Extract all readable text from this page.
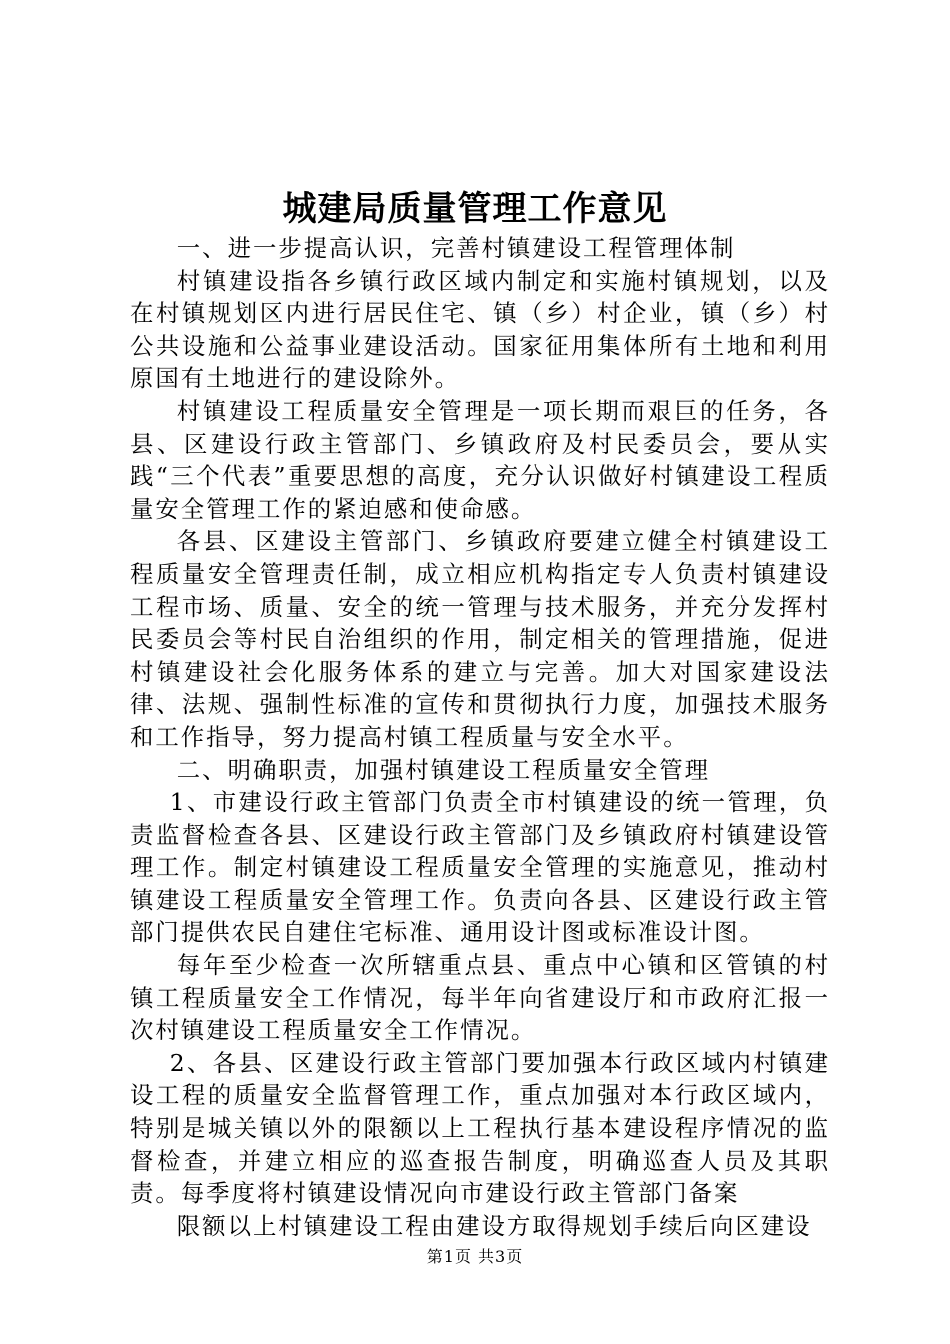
城建局质量管理工作意见

一、进一步提高认识，完善村镇建设工程管理体制

村镇建设指各乡镇行政区域内制定和实施村镇规划，以及在村镇规划区内进行居民住宅、镇（乡）村企业，镇（乡）村公共设施和公益事业建设活动。国家征用集体所有土地和利用原国有土地进行的建设除外。

村镇建设工程质量安全管理是一项长期而艰巨的任务，各县、区建设行政主管部门、乡镇政府及村民委员会，要从实践“三个代表”重要思想的高度，充分认识做好村镇建设工程质量安全管理工作的紧迫感和使命感。

各县、区建设主管部门、乡镇政府要建立健全村镇建设工程质量安全管理责任制，成立相应机构指定专人负责村镇建设工程市场、质量、安全的统一管理与技术服务，并充分发挥村民委员会等村民自治组织的作用，制定相关的管理措施，促进村镇建设社会化服务体系的建立与完善。加大对国家建设法律、法规、强制性标准的宣传和贯彻执行力度，加强技术服务和工作指导，努力提高村镇工程质量与安全水平。

二、明确职责，加强村镇建设工程质量安全管理

1、市建设行政主管部门负责全市村镇建设的统一管理，负责监督检查各县、区建设行政主管部门及乡镇政府村镇建设管理工作。制定村镇建设工程质量安全管理的实施意见，推动村镇建设工程质量安全管理工作。负责向各县、区建设行政主管部门提供农民自建住宅标准、通用设计图或标准设计图。

每年至少检查一次所辖重点县、重点中心镇和区管镇的村镇工程质量安全工作情况，每半年向省建设厅和市政府汇报一次村镇建设工程质量安全工作情况。

2、各县、区建设行政主管部门要加强本行政区域内村镇建设工程的质量安全监督管理工作，重点加强对本行政区域内，特别是城关镇以外的限额以上工程执行基本建设程序情况的监督检查，并建立相应的巡查报告制度，明确巡查人员及其职责。每季度将村镇建设情况向市建设行政主管部门备案

限额以上村镇建设工程由建设方取得规划手续后向区建设

第1页 共3页
